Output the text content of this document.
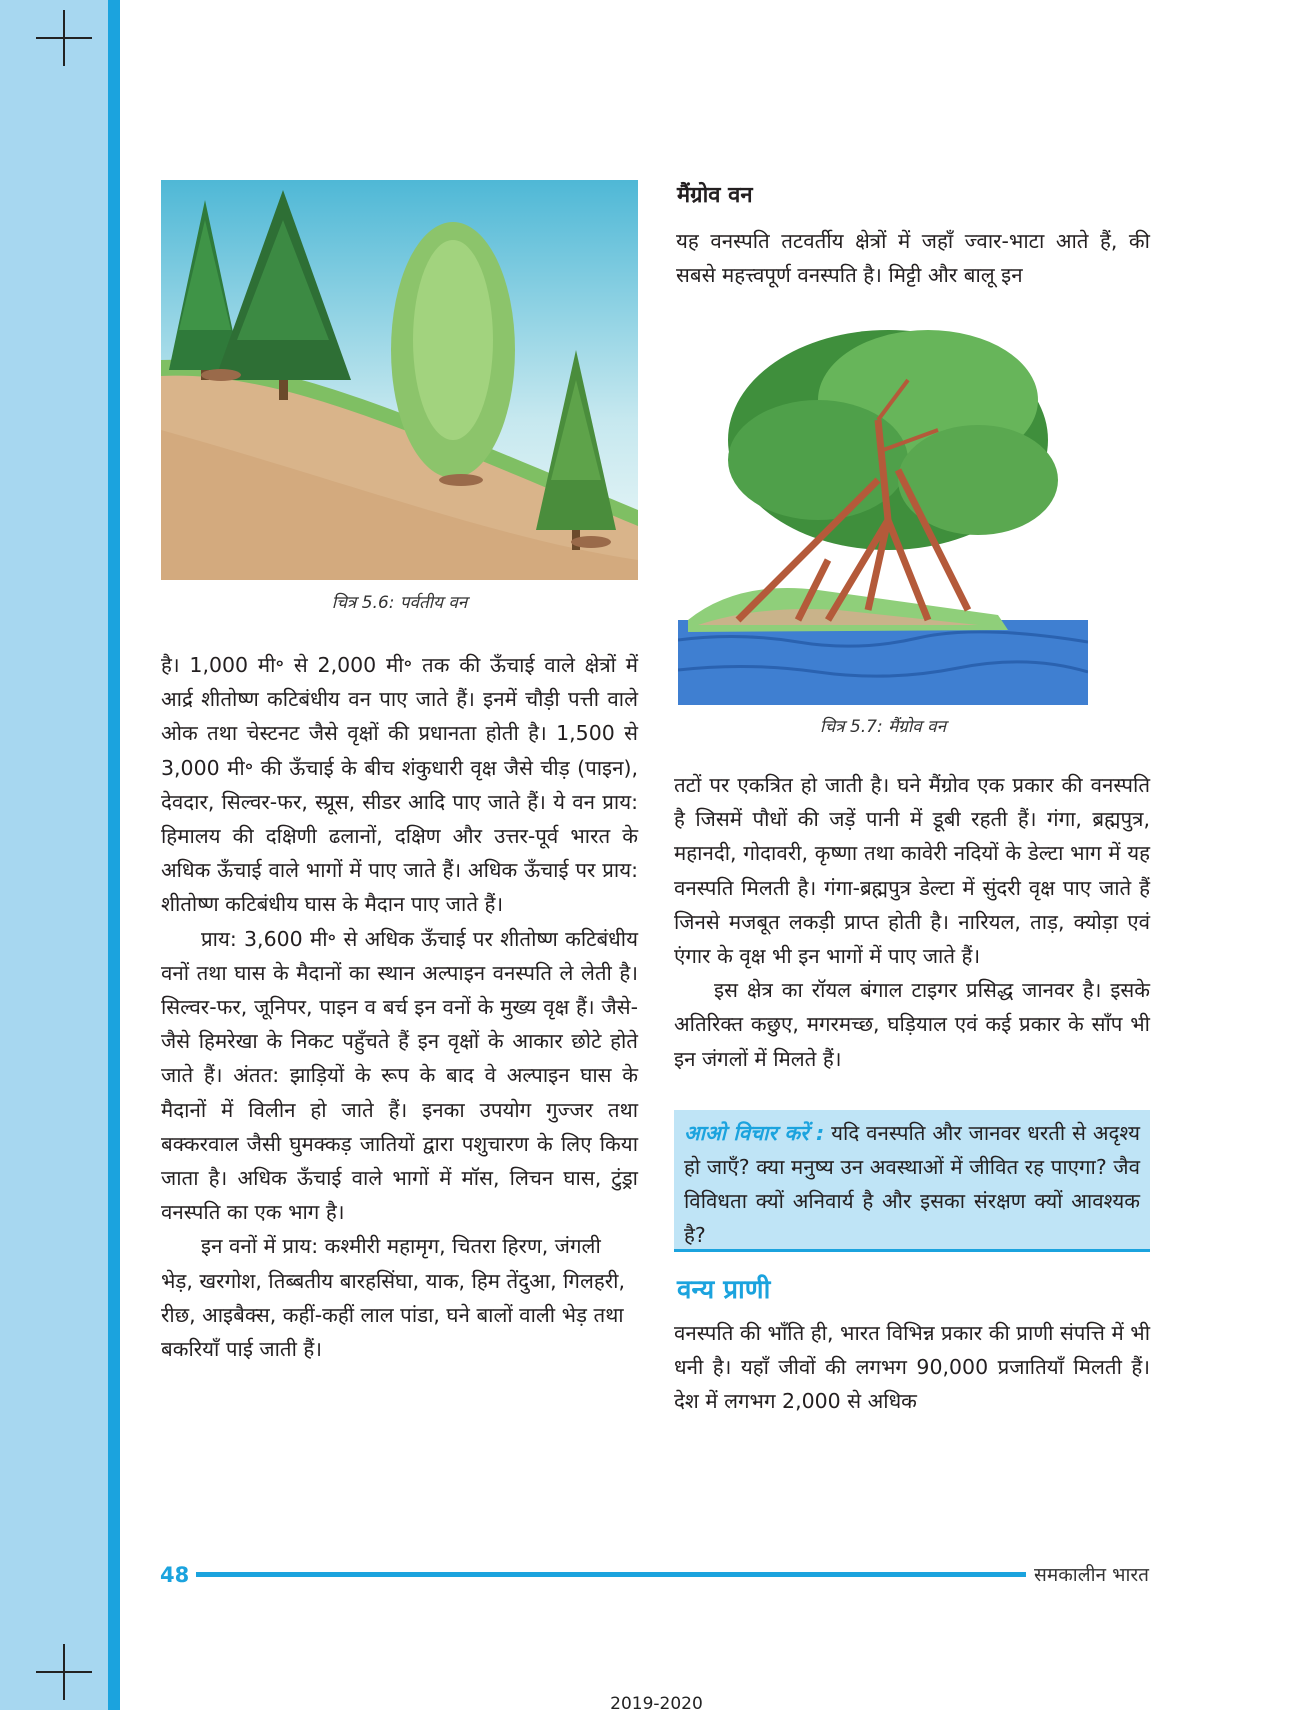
चित्र 5.6: पर्वतीय वन

है। 1,000 मी॰ से 2,000 मी॰ तक की ऊँचाई वाले क्षेत्रों में आर्द्र शीतोष्ण कटिबंधीय वन पाए जाते हैं। इनमें चौड़ी पत्ती वाले ओक तथा चेस्टनट जैसे वृक्षों की प्रधानता होती है। 1,500 से 3,000 मी॰ की ऊँचाई के बीच शंकुधारी वृक्ष जैसे चीड़ (पाइन), देवदार, सिल्वर-फर, स्प्रूस, सीडर आदि पाए जाते हैं। ये वन प्राय: हिमालय की दक्षिणी ढलानों, दक्षिण और उत्तर-पूर्व भारत के अधिक ऊँचाई वाले भागों में पाए जाते हैं। अधिक ऊँचाई पर प्राय: शीतोष्ण कटिबंधीय घास के मैदान पाए जाते हैं।

प्राय: 3,600 मी॰ से अधिक ऊँचाई पर शीतोष्ण कटिबंधीय वनों तथा घास के मैदानों का स्थान अल्पाइन वनस्पति ले लेती है। सिल्वर-फर, जूनिपर, पाइन व बर्च इन वनों के मुख्य वृक्ष हैं। जैसे-जैसे हिमरेखा के निकट पहुँचते हैं इन वृक्षों के आकार छोटे होते जाते हैं। अंतत: झाड़ियों के रूप के बाद वे अल्पाइन घास के मैदानों में विलीन हो जाते हैं। इनका उपयोग गुज्जर तथा बक्करवाल जैसी घुमक्कड़ जातियों द्वारा पशुचारण के लिए किया जाता है। अधिक ऊँचाई वाले भागों में मॉस, लिचन घास, टुंड्रा वनस्पति का एक भाग है।

इन वनों में प्राय: कश्मीरी महामृग, चितरा हिरण, जंगली भेड़, खरगोश, तिब्बतीय बारहसिंघा, याक, हिम तेंदुआ, गिलहरी, रीछ, आइबैक्स, कहीं-कहीं लाल पांडा, घने बालों वाली भेड़ तथा बकरियाँ पाई जाती हैं।

मैंग्रोव वन

यह वनस्पति तटवर्तीय क्षेत्रों में जहाँ ज्वार-भाटा आते हैं, की सबसे महत्त्वपूर्ण वनस्पति है। मिट्टी और बालू इन

चित्र 5.7: मैंग्रोव वन

तटों पर एकत्रित हो जाती है। घने मैंग्रोव एक प्रकार की वनस्पति है जिसमें पौधों की जड़ें पानी में डूबी रहती हैं। गंगा, ब्रह्मपुत्र, महानदी, गोदावरी, कृष्णा तथा कावेरी नदियों के डेल्टा भाग में यह वनस्पति मिलती है। गंगा-ब्रह्मपुत्र डेल्टा में सुंदरी वृक्ष पाए जाते हैं जिनसे मजबूत लकड़ी प्राप्त होती है। नारियल, ताड़, क्योड़ा एवं एंगार के वृक्ष भी इन भागों में पाए जाते हैं।

इस क्षेत्र का रॉयल बंगाल टाइगर प्रसिद्ध जानवर है। इसके अतिरिक्त कछुए, मगरमच्छ, घड़ियाल एवं कई प्रकार के साँप भी इन जंगलों में मिलते हैं।

आओ विचार करें : यदि वनस्पति और जानवर धरती से अदृश्य हो जाएँ? क्या मनुष्य उन अवस्थाओं में जीवित रह पाएगा? जैव विविधता क्यों अनिवार्य है और इसका संरक्षण क्यों आवश्यक है?
वन्य प्राणी

वनस्पति की भाँति ही, भारत विभिन्न प्रकार की प्राणी संपत्ति में भी धनी है। यहाँ जीवों की लगभग 90,000 प्रजातियाँ मिलती हैं। देश में लगभग 2,000 से अधिक

48	समकालीन भारत
2019-2020
